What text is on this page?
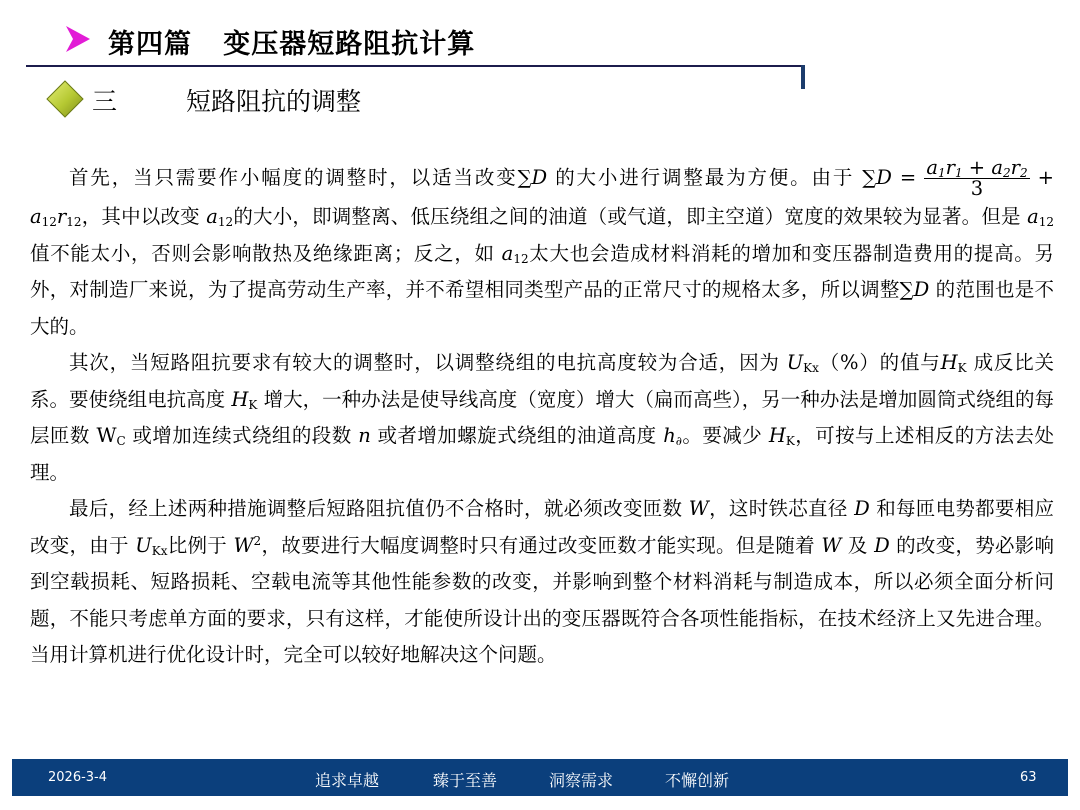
第四篇   变压器短路阻抗计算
三	短路阻抗的调整

首先，当只需要作小幅度的调整时，以适当改变∑D 的大小进行调整最为方便。由于 $\sum D = \frac{a_1r_1 + a_2r_2}{3} + a_{12}r_{12}$，其中以改变 $a_{12}$的大小，即调整离、低压绕组之间的油道（或气道，即主空道）宽度的效果较为显著。但是 $a_{12}$值不能太小，否则会影响散热及绝缘距离；反之，如 $a_{12}$太大也会造成材料消耗的增加和变压器制造费用的提高。另外，对制造厂来说，为了提高劳动生产率，并不希望相同类型产品的正常尺寸的规格太多，所以调整∑D 的范围也是不大的。

其次，当短路阻抗要求有较大的调整时，以调整绕组的电抗高度较为合适，因为 $U_{Kx}(\%)$的值与$H_K$ 成反比关系。要使绕组电抗高度 $H_K$ 增大，一种办法是使导线高度（宽度）增大（扁而高些），另一种办法是增加圆筒式绕组的每层匝数 $W_C$ 或增加连续式绕组的段数 n 或者增加螺旋式绕组的油道高度 $h_\partial$。要减少 $H_K$，可按与上述相反的方法去处理。

最后，经上述两种措施调整后短路阻抗值仍不合格时，就必须改变匝数 W，这时铁芯直径 D 和每匝电势都要相应改变，由于 $U_{Kx}$比例于 $W^2$，故要进行大幅度调整时只有通过改变匝数才能实现。但是随着 W 及 D 的改变，势必影响到空载损耗、短路损耗、空载电流等其他性能参数的改变，并影响到整个材料消耗与制造成本，所以必须全面分析问题，不能只考虑单方面的要求，只有这样，才能使所设计出的变压器既符合各项性能指标，在技术经济上又先进合理。当用计算机进行优化设计时，完全可以较好地解决这个问题。

2026-3-4	追求卓越	臻于至善	洞察需求	不懈创新	63
